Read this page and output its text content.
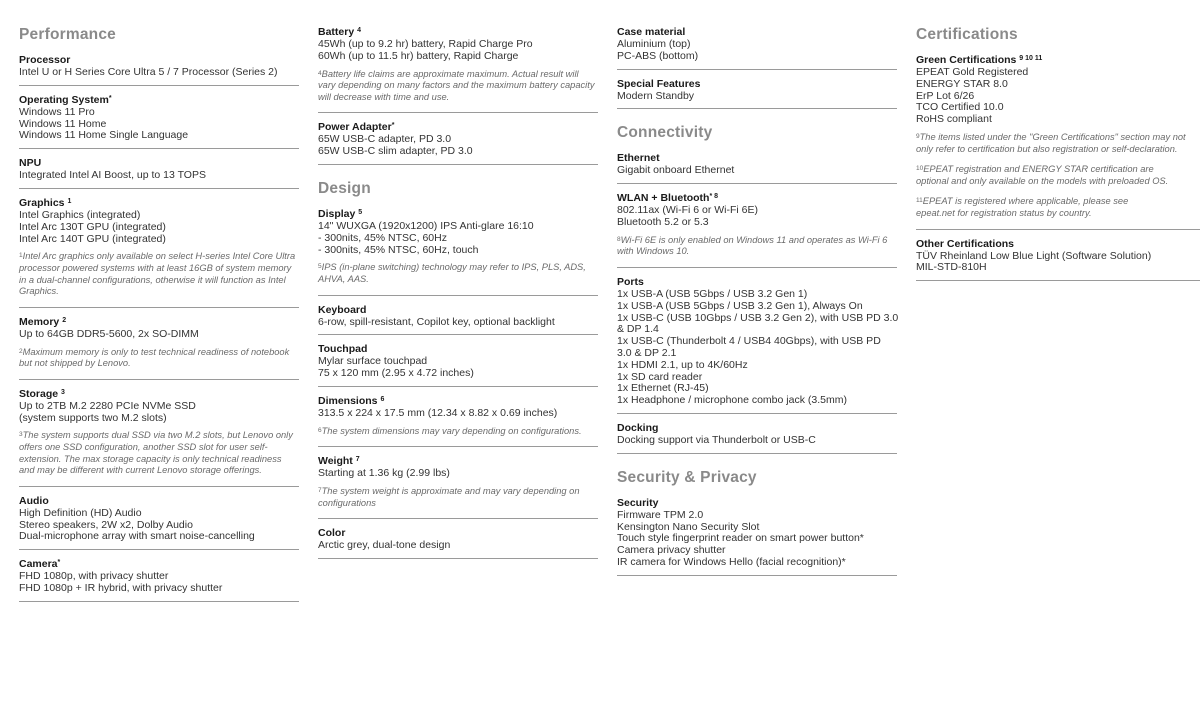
Performance
Processor
Intel U or H Series Core Ultra 5 / 7 Processor (Series 2)
Operating System*
Windows 11 Pro
Windows 11 Home
Windows 11 Home Single Language
NPU
Integrated Intel AI Boost, up to 13 TOPS
Graphics $^1$
Intel Graphics (integrated)
Intel Arc 130T GPU (integrated)
Intel Arc 140T GPU (integrated)
$^1$Intel Arc graphics only available on select H-series Intel Core Ultra processor powered systems with at least 16GB of system memory in a dual-channel configurations, otherwise it will function as Intel Graphics.
Memory $^2$
Up to 64GB DDR5-5600, 2x SO-DIMM
$^2$Maximum memory is only to test technical readiness of notebook but not shipped by Lenovo.
Storage $^3$
Up to 2TB M.2 2280 PCIe NVMe SSD
(system supports two M.2 slots)
$^3$The system supports dual SSD via two M.2 slots, but Lenovo only offers one SSD configuration, another SSD slot for user self-extension. The max storage capacity is only technical readiness and may be different with current Lenovo storage offerings.
Audio
High Definition (HD) Audio
Stereo speakers, 2W x2, Dolby Audio
Dual-microphone array with smart noise-cancelling
Camera*
FHD 1080p, with privacy shutter
FHD 1080p + IR hybrid, with privacy shutter
Battery $^4$
45Wh (up to 9.2 hr) battery, Rapid Charge Pro
60Wh (up to 11.5 hr) battery, Rapid Charge
$^4$Battery life claims are approximate maximum. Actual result will vary depending on many factors and the maximum battery capacity will decrease with time and use.
Power Adapter*
65W USB-C adapter, PD 3.0
65W USB-C slim adapter, PD 3.0
Design
Display $^5$
14" WUXGA (1920x1200) IPS Anti-glare 16:10
- 300nits, 45% NTSC, 60Hz
- 300nits, 45% NTSC, 60Hz, touch
$^5$IPS (in-plane switching) technology may refer to IPS, PLS, ADS, AHVA, AAS.
Keyboard
6-row, spill-resistant, Copilot key, optional backlight
Touchpad
Mylar surface touchpad
75 x 120 mm (2.95 x 4.72 inches)
Dimensions $^6$
313.5 x 224 x 17.5 mm (12.34 x 8.82 x 0.69 inches)
$^6$The system dimensions may vary depending on configurations.
Weight $^7$
Starting at 1.36 kg (2.99 lbs)
$^7$The system weight is approximate and may vary depending on configurations
Color
Arctic grey, dual-tone design
Case material
Aluminium (top)
PC-ABS (bottom)
Special Features
Modern Standby
Connectivity
Ethernet
Gigabit onboard Ethernet
WLAN + Bluetooth$^{* 8}$
802.11ax (Wi-Fi 6 or Wi-Fi 6E)
Bluetooth 5.2 or 5.3
$^8$Wi-Fi 6E is only enabled on Windows 11 and operates as Wi-Fi 6 with Windows 10.
Ports
1x USB-A (USB 5Gbps / USB 3.2 Gen 1)
1x USB-A (USB 5Gbps / USB 3.2 Gen 1), Always On
1x USB-C (USB 10Gbps / USB 3.2 Gen 2), with USB PD 3.0
& DP 1.4
1x USB-C (Thunderbolt 4 / USB4 40Gbps), with USB PD
3.0 & DP 2.1
1x HDMI 2.1, up to 4K/60Hz
1x SD card reader
1x Ethernet (RJ-45)
1x Headphone / microphone combo jack (3.5mm)
Docking
Docking support via Thunderbolt or USB-C
Security & Privacy
Security
Firmware TPM 2.0
Kensington Nano Security Slot
Touch style fingerprint reader on smart power button*
Camera privacy shutter
IR camera for Windows Hello (facial recognition)*
Certifications
Green Certifications $^{9 10 11}$
EPEAT Gold Registered
ENERGY STAR 8.0
ErP Lot 6/26
TCO Certified 10.0
RoHS compliant
$^9$The items listed under the "Green Certifications" section may not only refer to certification but also registration or self-declaration.
$^{10}$EPEAT registration and ENERGY STAR certification are optional and only available on the models with preloaded OS.
$^{11}$EPEAT is registered where applicable, please see epeat.net for registration status by country.
Other Certifications
TÜV Rheinland Low Blue Light (Software Solution)
MIL-STD-810H
